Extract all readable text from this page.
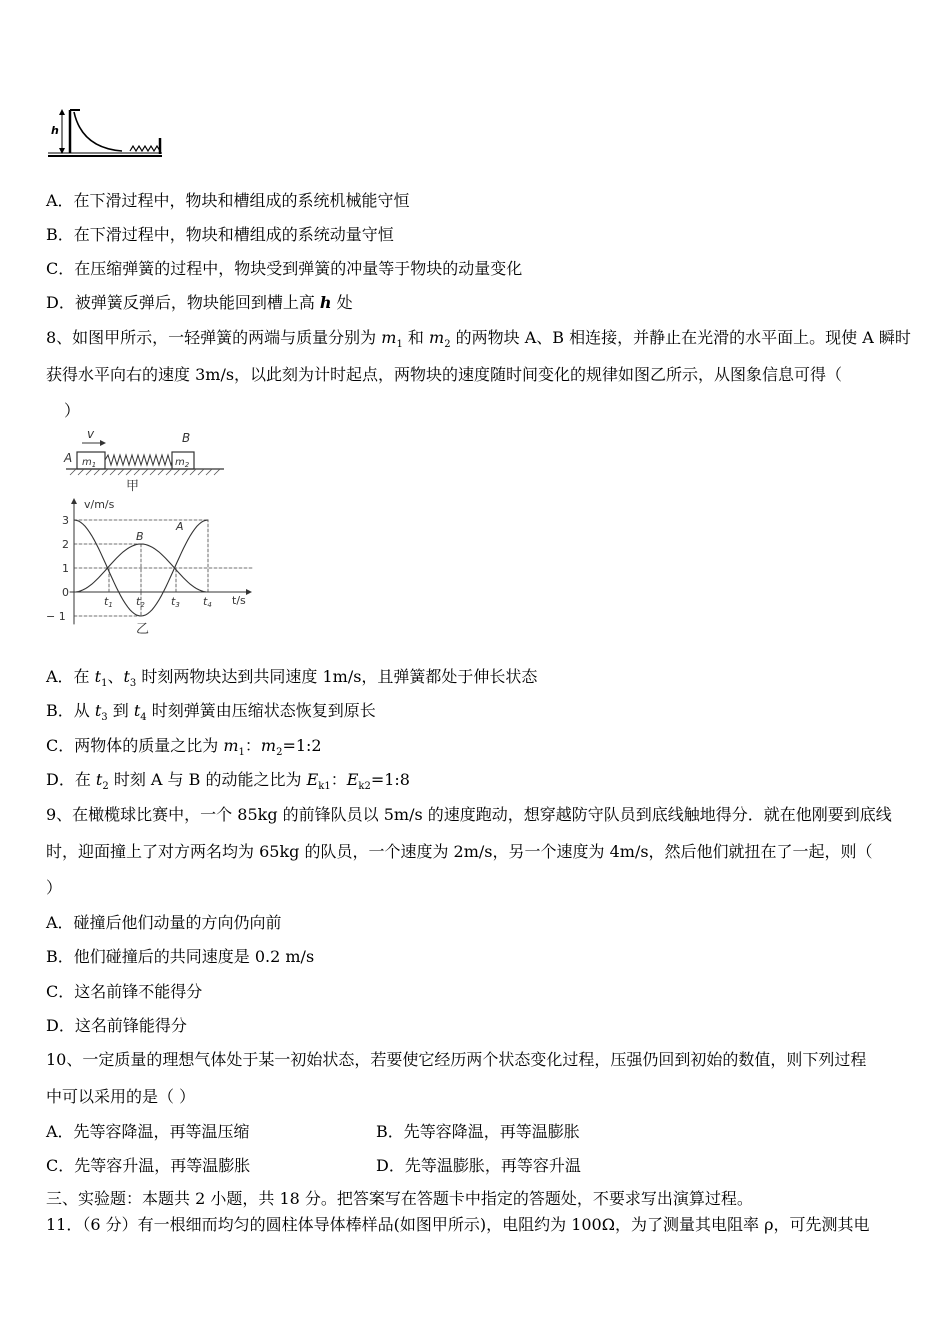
h
A．在下滑过程中，物块和槽组成的系统机械能守恒
B．在下滑过程中，物块和槽组成的系统动量守恒
C．在压缩弹簧的过程中，物块受到弹簧的冲量等于物块的动量变化
D．被弹簧反弹后，物块能回到槽上高 h 处
8、如图甲所示，一轻弹簧的两端与质量分别为 $m_1$ 和 $m_2$ 的两物块 A、B 相连接，并静止在光滑的水平面上。现使 A 瞬时
获得水平向右的速度 3m/s，以此刻为计时起点，两物块的速度随时间变化的规律如图乙所示，从图象信息可得（
）
v
A
B
$m_1$	$m_2$
甲
v/m/s
t/s
3
2
1
0
− 1
t1 t2 t3 t4
A
B
乙
A．在 $t_1$、$t_3$ 时刻两物块达到共同速度 1m/s，且弹簧都处于伸长状态
B．从 $t_3$ 到 $t_4$ 时刻弹簧由压缩状态恢复到原长
C．两物体的质量之比为 $m_1$：$m_2=1:2$
D．在 $t_2$ 时刻 A 与 B 的动能之比为 $E_{k1}$：$E_{k2}=1:8$
9、在橄榄球比赛中，一个 85kg 的前锋队员以 5m/s 的速度跑动，想穿越防守队员到底线触地得分．就在他刚要到底线
时，迎面撞上了对方两名均为 65kg 的队员，一个速度为 2m/s，另一个速度为 4m/s，然后他们就扭在了一起，则（
）
A．碰撞后他们动量的方向仍向前
B．他们碰撞后的共同速度是 0.2 m/s
C．这名前锋不能得分
D．这名前锋能得分
10、一定质量的理想气体处于某一初始状态，若要使它经历两个状态变化过程，压强仍回到初始的数值，则下列过程
中可以采用的是（ ）
A．先等容降温，再等温压缩	B．先等容降温，再等温膨胀
C．先等容升温，再等温膨胀	D．先等温膨胀，再等容升温
三、实验题：本题共 2 小题，共 18 分。把答案写在答题卡中指定的答题处，不要求写出演算过程。
11．（6 分）有一根细而均匀的圆柱体导体棒样品(如图甲所示)，电阻约为 100Ω，为了测量其电阻率 ρ，可先测其电
